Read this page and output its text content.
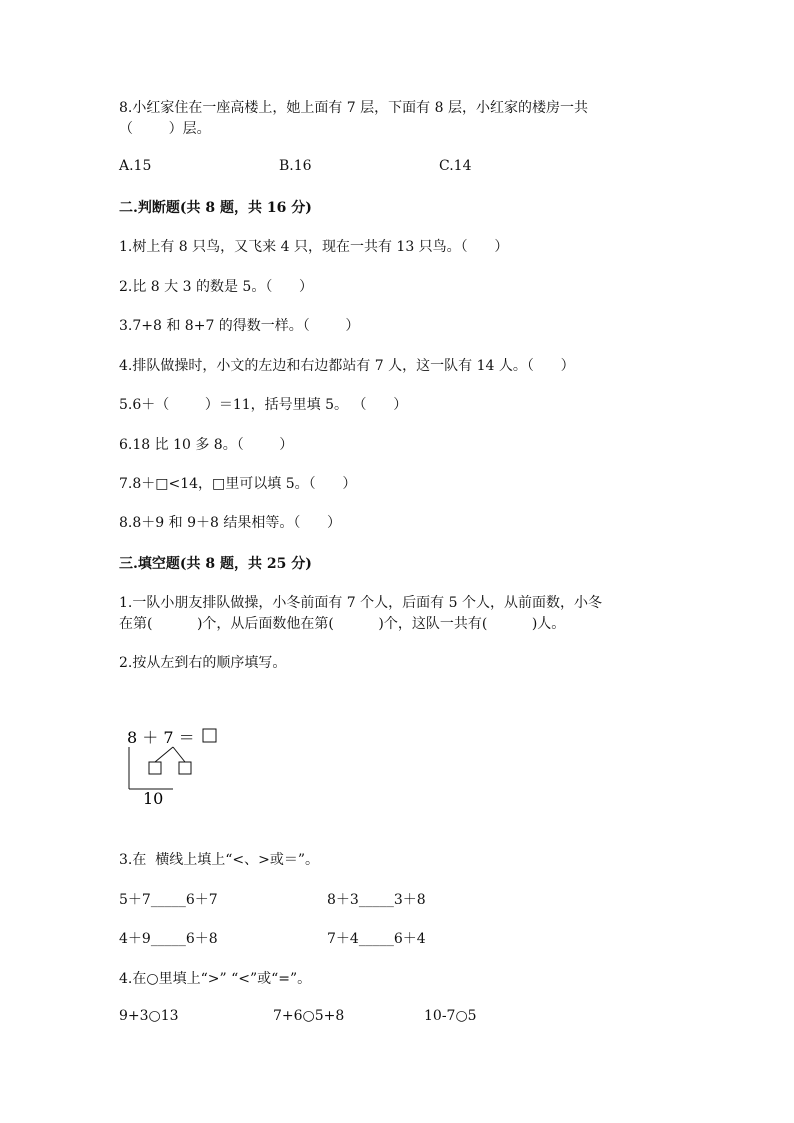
8.小红家住在一座高楼上，她上面有 7 层，下面有 8 层，小红家的楼房一共
（        ）层。
A.15	B.16	C.14
二.判断题(共 8 题，共 16 分)
1.树上有 8 只鸟，又飞来 4 只，现在一共有 13 只鸟。（      ）
2.比 8 大 3 的数是 5。（      ）
3.7+8 和 8+7 的得数一样。（        ）
4.排队做操时，小文的左边和右边都站有 7 人，这一队有 14 人。（      ）
5.6＋（        ）＝11，括号里填 5。 （      ）
6.18 比 10 多 8。（        ）
7.8＋□<14，□里可以填 5。（      ）
8.8＋9 和 9＋8 结果相等。（      ）
三.填空题(共 8 题，共 25 分)
1.一队小朋友排队做操，小冬前面有 7 个人，后面有 5 个人，从前面数，小冬
在第(          )个，从后面数他在第(          )个，这队一共有(          )人。
2.按从左到右的顺序填写。
8 ＋ 7 ＝
10
3.在  横线上填上“<、>或＝”。
5＋7_____6＋7	8＋3_____3＋8
4＋9_____6＋8	7＋4_____6＋4
4.在○里填上“>” “<”或“=”。
9+3○13	7+6○5+8	10-7○5
